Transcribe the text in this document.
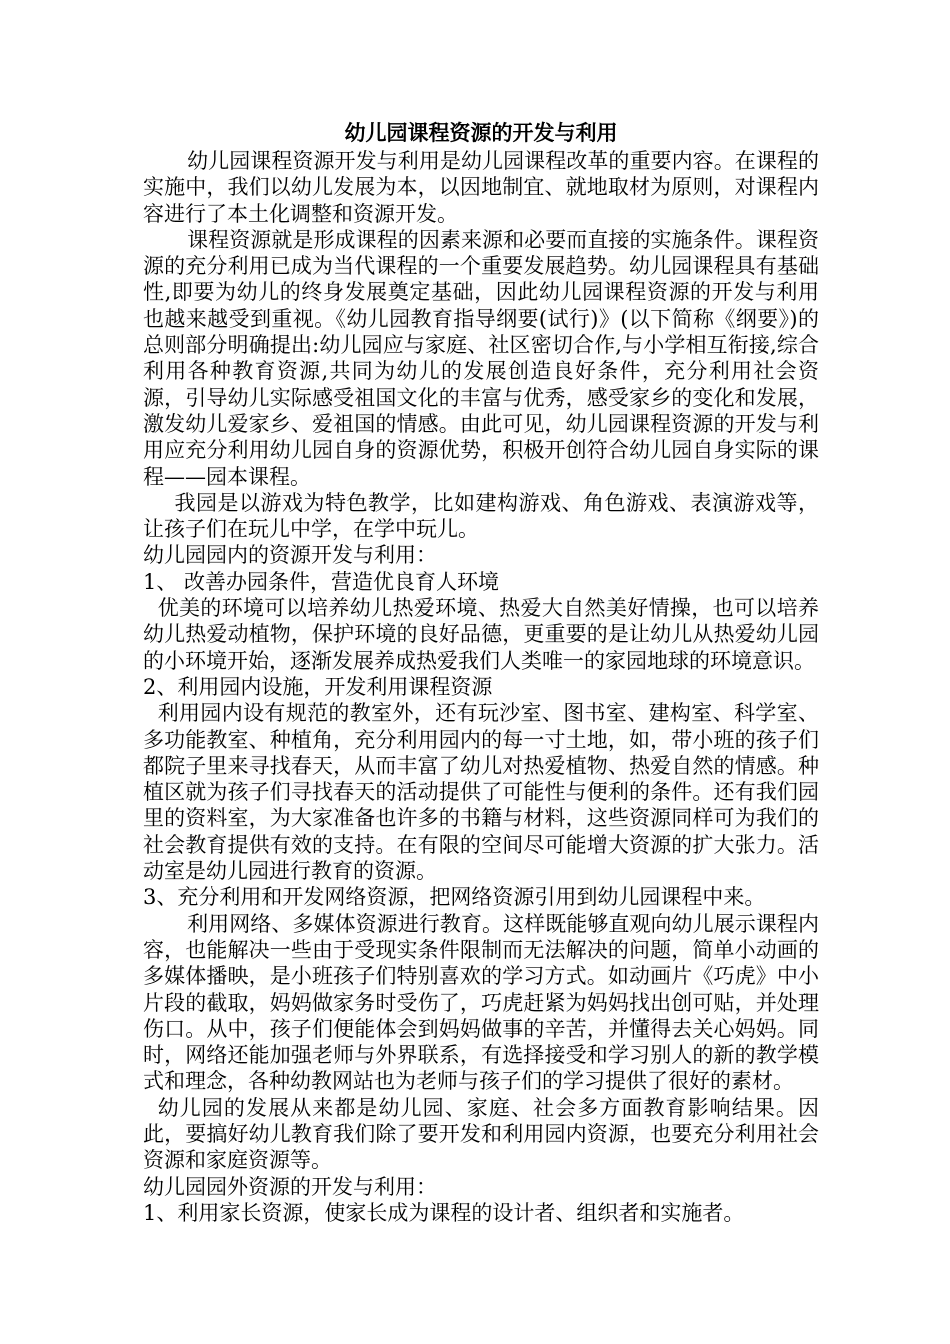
幼儿园课程资源的开发与利用

幼儿园课程资源开发与利用是幼儿园课程改革的重要内容。在课程的实施中，我们以幼儿发展为本，以因地制宜、就地取材为原则，对课程内容进行了本土化调整和资源开发。

课程资源就是形成课程的因素来源和必要而直接的实施条件。课程资源的充分利用已成为当代课程的一个重要发展趋势。幼儿园课程具有基础性,即要为幼儿的终身发展奠定基础，因此幼儿园课程资源的开发与利用也越来越受到重视。《幼儿园教育指导纲要(试行)》(以下简称《纲要》)的总则部分明确提出:幼儿园应与家庭、社区密切合作,与小学相互衔接,综合利用各种教育资源,共同为幼儿的发展创造良好条件，充分利用社会资源，引导幼儿实际感受祖国文化的丰富与优秀，感受家乡的变化和发展，激发幼儿爱家乡、爱祖国的情感。由此可见，幼儿园课程资源的开发与利用应充分利用幼儿园自身的资源优势，积极开创符合幼儿园自身实际的课程——园本课程。

我园是以游戏为特色教学，比如建构游戏、角色游戏、表演游戏等，让孩子们在玩儿中学，在学中玩儿。

幼儿园园内的资源开发与利用：

1、 改善办园条件，营造优良育人环境

优美的环境可以培养幼儿热爱环境、热爱大自然美好情操，也可以培养幼儿热爱动植物，保护环境的良好品德，更重要的是让幼儿从热爱幼儿园的小环境开始，逐渐发展养成热爱我们人类唯一的家园地球的环境意识。

2、利用园内设施，开发利用课程资源

利用园内设有规范的教室外，还有玩沙室、图书室、建构室、科学室、多功能教室、种植角，充分利用园内的每一寸土地，如，带小班的孩子们都院子里来寻找春天，从而丰富了幼儿对热爱植物、热爱自然的情感。种植区就为孩子们寻找春天的活动提供了可能性与便利的条件。还有我们园里的资料室，为大家准备也许多的书籍与材料，这些资源同样可为我们的社会教育提供有效的支持。在有限的空间尽可能增大资源的扩大张力。活动室是幼儿园进行教育的资源。

3、充分利用和开发网络资源，把网络资源引用到幼儿园课程中来。

利用网络、多媒体资源进行教育。这样既能够直观向幼儿展示课程内容，也能解决一些由于受现实条件限制而无法解决的问题，简单小动画的多媒体播映，是小班孩子们特别喜欢的学习方式。如动画片《巧虎》中小片段的截取，妈妈做家务时受伤了，巧虎赶紧为妈妈找出创可贴，并处理伤口。从中，孩子们便能体会到妈妈做事的辛苦，并懂得去关心妈妈。同时，网络还能加强老师与外界联系，有选择接受和学习别人的新的教学模式和理念，各种幼教网站也为老师与孩子们的学习提供了很好的素材。

幼儿园的发展从来都是幼儿园、家庭、社会多方面教育影响结果。因此，要搞好幼儿教育我们除了要开发和利用园内资源，也要充分利用社会资源和家庭资源等。

幼儿园园外资源的开发与利用：

1、利用家长资源，使家长成为课程的设计者、组织者和实施者。
